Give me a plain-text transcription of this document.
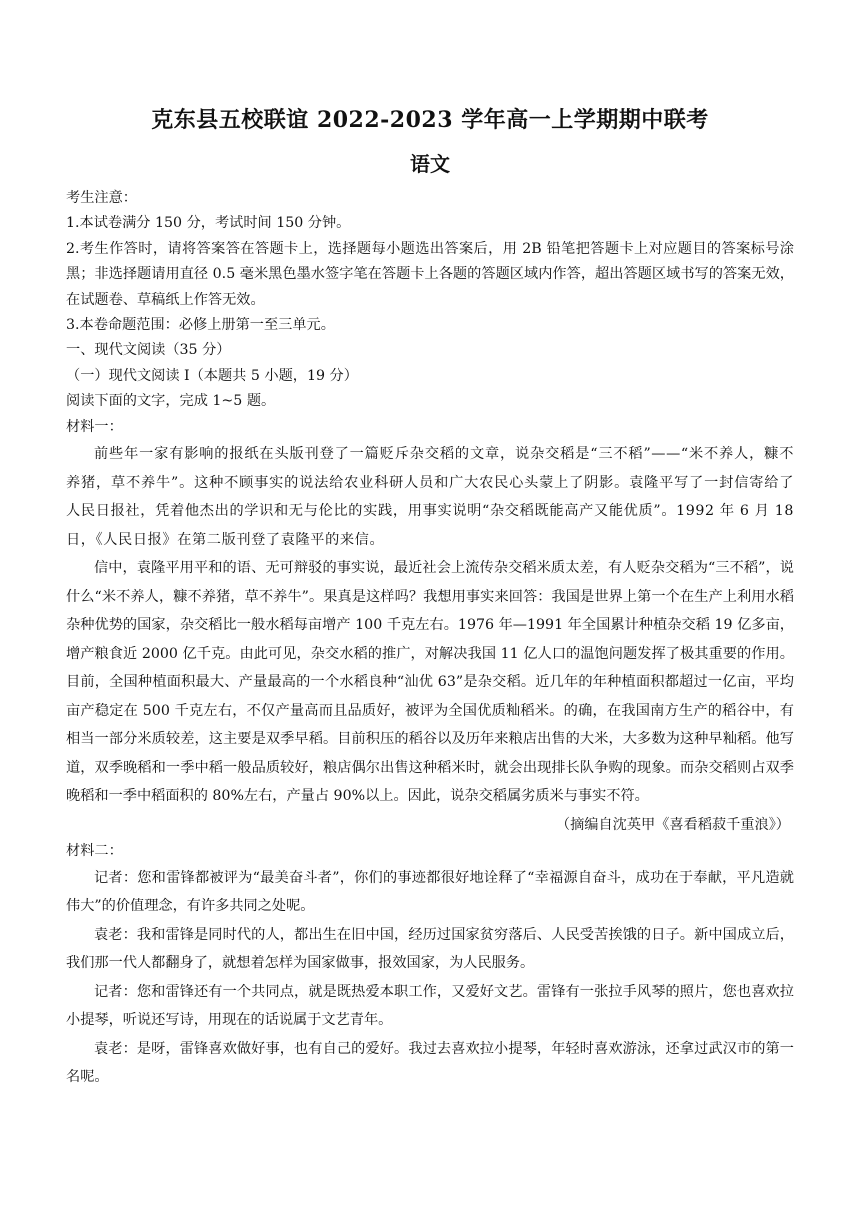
克东县五校联谊 2022-2023 学年高一上学期期中联考
语文
考生注意：
1.本试卷满分 150 分，考试时间 150 分钟。
2.考生作答时，请将答案答在答题卡上，选择题每小题选出答案后，用 2B 铅笔把答题卡上对应题目的答案标号涂黑；非选择题请用直径 0.5 毫米黑色墨水签字笔在答题卡上各题的答题区域内作答，超出答题区域书写的答案无效，在试题卷、草稿纸上作答无效。
3.本卷命题范围：必修上册第一至三单元。
一、现代文阅读（35 分）
（一）现代文阅读 I（本题共 5 小题，19 分）
阅读下面的文字，完成 1~5 题。
材料一：
前些年一家有影响的报纸在头版刊登了一篇贬斥杂交稻的文章，说杂交稻是“三不稻”——“米不养人，糠不养猪，草不养牛”。这种不顾事实的说法给农业科研人员和广大农民心头蒙上了阴影。袁隆平写了一封信寄给了人民日报社，凭着他杰出的学识和无与伦比的实践，用事实说明“杂交稻既能高产又能优质”。1992 年 6 月 18 日，《人民日报》在第二版刊登了袁隆平的来信。
信中，袁隆平用平和的语、无可辩驳的事实说，最近社会上流传杂交稻米质太差，有人贬杂交稻为“三不稻”，说什么“米不养人，糠不养猪，草不养牛”。果真是这样吗？我想用事实来回答：我国是世界上第一个在生产上利用水稻杂种优势的国家，杂交稻比一般水稻每亩增产 100 千克左右。1976 年—1991 年全国累计种植杂交稻 19 亿多亩，增产粮食近 2000 亿千克。由此可见，杂交水稻的推广，对解决我国 11 亿人口的温饱问题发挥了极其重要的作用。目前，全国种植面积最大、产量最高的一个水稻良种“汕优 63”是杂交稻。近几年的年种植面积都超过一亿亩，平均亩产稳定在 500 千克左右，不仅产量高而且品质好，被评为全国优质籼稻米。的确，在我国南方生产的稻谷中，有相当一部分米质较差，这主要是双季早稻。目前积压的稻谷以及历年来粮店出售的大米，大多数为这种早籼稻。他写道，双季晚稻和一季中稻一般品质较好，粮店偶尔出售这种稻米时，就会出现排长队争购的现象。而杂交稻则占双季晚稻和一季中稻面积的 80%左右，产量占 90%以上。因此，说杂交稻属劣质米与事实不符。
（摘编自沈英甲《喜看稻菽千重浪》）
材料二：
记者：您和雷锋都被评为“最美奋斗者”，你们的事迹都很好地诠释了“幸福源自奋斗，成功在于奉献，平凡造就伟大”的价值理念，有许多共同之处呢。
袁老：我和雷锋是同时代的人，都出生在旧中国，经历过国家贫穷落后、人民受苦挨饿的日子。新中国成立后，我们那一代人都翻身了，就想着怎样为国家做事，报效国家，为人民服务。
记者：您和雷锋还有一个共同点，就是既热爱本职工作，又爱好文艺。雷锋有一张拉手风琴的照片，您也喜欢拉小提琴，听说还写诗，用现在的话说属于文艺青年。
袁老：是呀，雷锋喜欢做好事，也有自己的爱好。我过去喜欢拉小提琴，年轻时喜欢游泳，还拿过武汉市的第一名呢。
